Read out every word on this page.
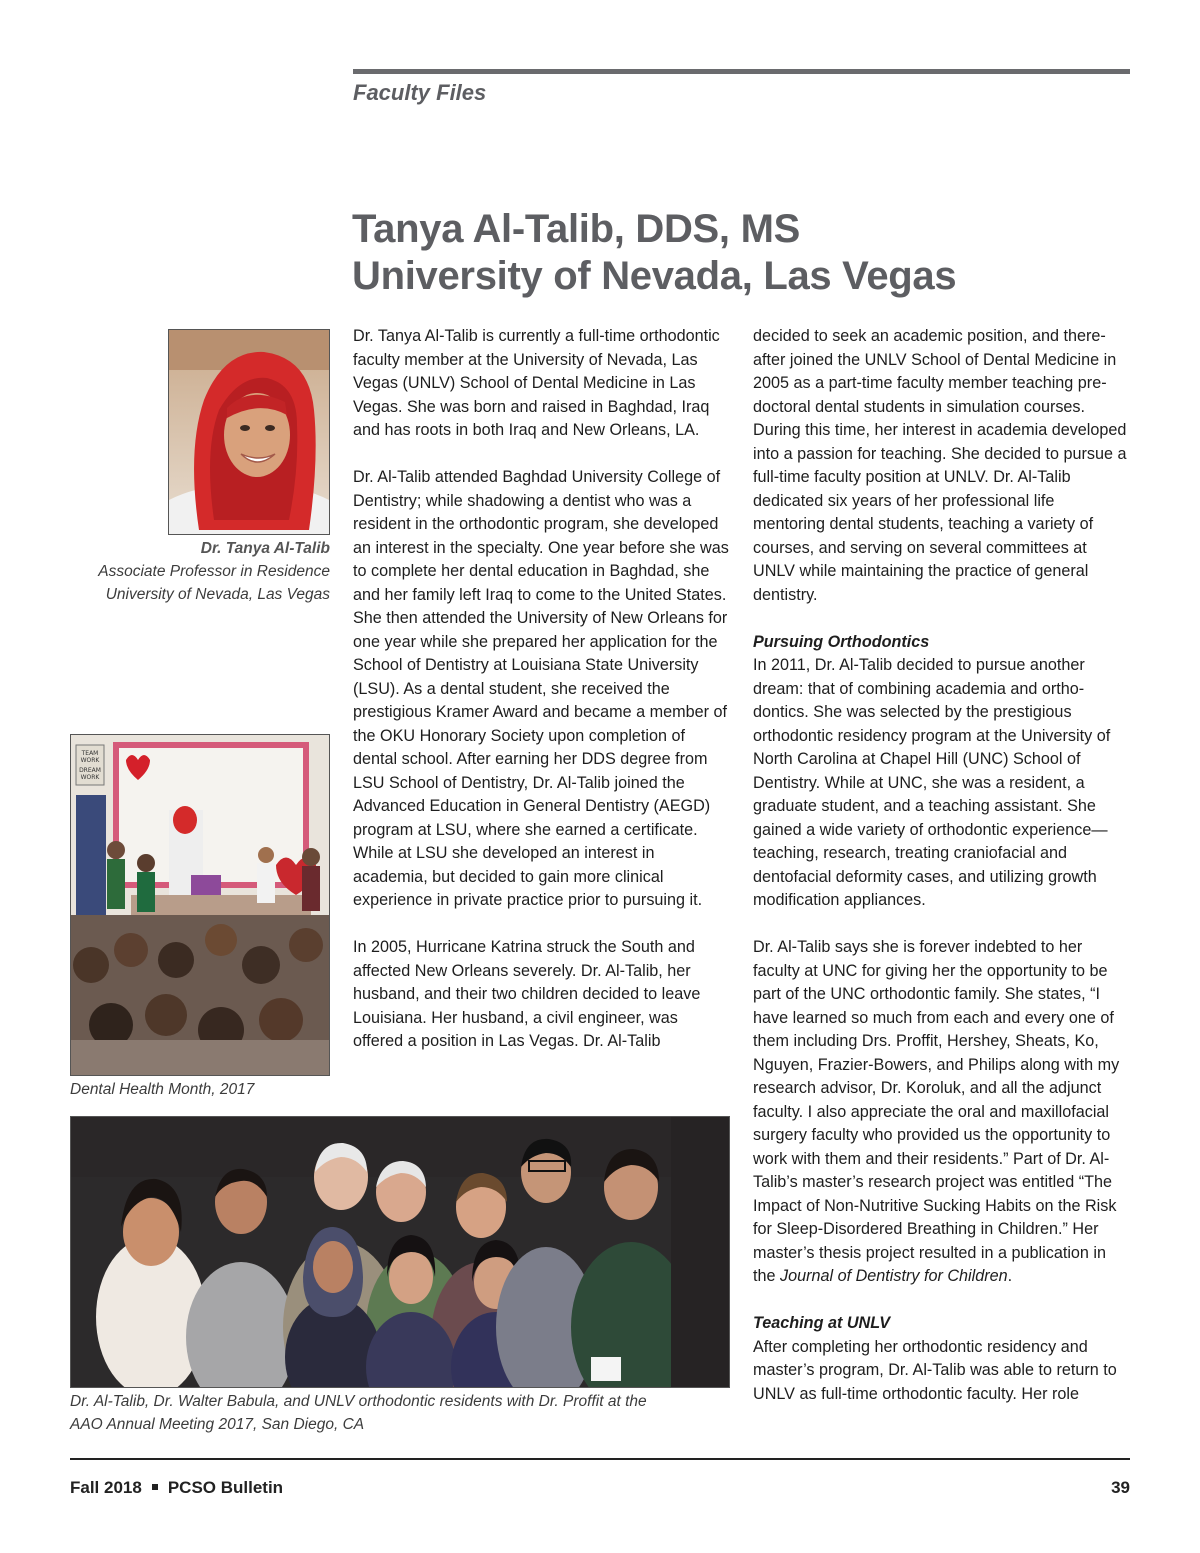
Faculty Files
Tanya Al-Talib, DDS, MS
University of Nevada, Las Vegas
Dr. Tanya Al-Talib
Associate Professor in Residence
University of Nevada, Las Vegas
TEAM
WORK
DREAM
WORK
Dental Health Month, 2017
Dr. Al-Talib, Dr. Walter Babula, and UNLV orthodontic residents with Dr. Proffit at the
AAO Annual Meeting 2017, San Diego, CA

Dr. Tanya Al-Talib is currently a full-time orthodontic faculty member at the University of Nevada, Las Vegas (UNLV) School of Dental Medicine in Las Vegas. She was born and raised in Baghdad, Iraq and has roots in both Iraq and New Orleans, LA.

Dr. Al-Talib attended Baghdad University College of Dentistry; while shadowing a dentist who was a resident in the orthodontic program, she developed an interest in the specialty. One year before she was to complete her dental education in Baghdad, she and her family left Iraq to come to the United States. She then attended the University of New Orleans for one year while she prepared her application for the School of Dentistry at Louisiana State University (LSU). As a dental student, she received the prestigious Kramer Award and became a member of the OKU Honorary Society upon completion of dental school. After earning her DDS degree from LSU School of Dentistry, Dr. Al-Talib joined the Advanced Education in General Dentistry (AEGD) program at LSU, where she earned a certificate. While at LSU she developed an interest in academia, but decided to gain more clinical experience in private practice prior to pursuing it.

In 2005, Hurricane Katrina struck the South and affected New Orleans severely. Dr. Al-Talib, her husband, and their two children decided to leave Louisiana. Her husband, a civil engineer, was offered a position in Las Vegas. Dr. Al-Talib

decided to seek an academic position, and thereafter joined the UNLV School of Dental Medicine in 2005 as a part-time faculty member teaching pre-doctoral dental students in simulation courses. During this time, her interest in academia developed into a passion for teaching. She decided to pursue a full-time faculty position at UNLV. Dr. Al-Talib dedicated six years of her professional life mentoring dental students, teaching a variety of courses, and serving on several committees at UNLV while maintaining the practice of general dentistry.

Pursuing Orthodontics

In 2011, Dr. Al-Talib decided to pursue another dream: that of combining academia and orthodontics. She was selected by the prestigious orthodontic residency program at the University of North Carolina at Chapel Hill (UNC) School of Dentistry. While at UNC, she was a resident, a graduate student, and a teaching assistant. She gained a wide variety of orthodontic experience—teaching, research, treating craniofacial and dentofacial deformity cases, and utilizing growth modification appliances.

Dr. Al-Talib says she is forever indebted to her faculty at UNC for giving her the opportunity to be part of the UNC orthodontic family. She states, “I have learned so much from each and every one of them including Drs. Proffit, Hershey, Sheats, Ko, Nguyen, Frazier-Bowers, and Philips along with my research advisor, Dr. Koroluk, and all the adjunct faculty. I also appreciate the oral and maxillofacial surgery faculty who provided us the opportunity to work with them and their residents.” Part of Dr. Al-Talib’s master’s research project was entitled “The Impact of Non-Nutritive Sucking Habits on the Risk for Sleep-Disordered Breathing in Children.” Her master’s thesis project resulted in a publication in the Journal of Dentistry for Children.

Teaching at UNLV

After completing her orthodontic residency and master’s program, Dr. Al-Talib was able to return to UNLV as full-time orthodontic faculty. Her role

Fall 2018 PCSO Bulletin	39
